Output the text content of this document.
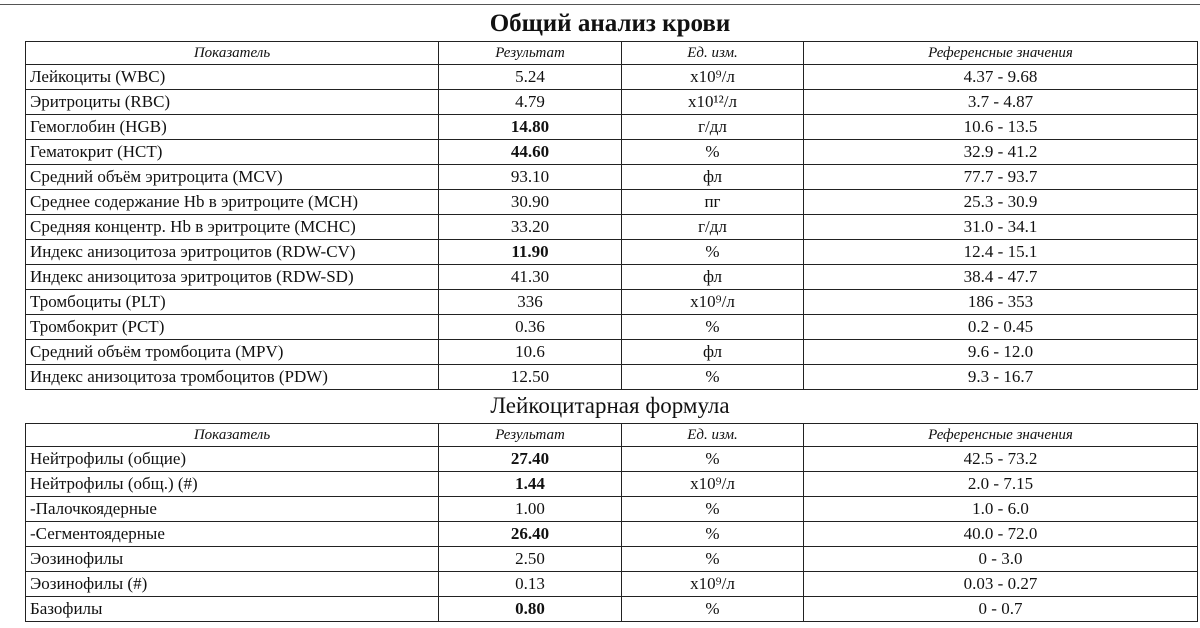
Общий анализ крови
Показатель	Результат	Ед. изм.	Референсные значения
Лейкоциты (WBC)	5.24	x10⁹/л	4.37 - 9.68
Эритроциты (RBC)	4.79	x10¹²/л	3.7 - 4.87
Гемоглобин (HGB)	14.80	г/дл	10.6 - 13.5
Гематокрит (HCT)	44.60	%	32.9 - 41.2
Средний объём эритроцита (MCV)	93.10	фл	77.7 - 93.7
Среднее содержание Hb в эритроците (MCH)	30.90	пг	25.3 - 30.9
Средняя концентр. Hb в эритроците (MCHC)	33.20	г/дл	31.0 - 34.1
Индекс анизоцитоза эритроцитов (RDW-CV)	11.90	%	12.4 - 15.1
Индекс анизоцитоза эритроцитов (RDW-SD)	41.30	фл	38.4 - 47.7
Тромбоциты (PLT)	336	x10⁹/л	186 - 353
Тромбокрит (PCT)	0.36	%	0.2 - 0.45
Средний объём тромбоцита (MPV)	10.6	фл	9.6 - 12.0
Индекс анизоцитоза тромбоцитов (PDW)	12.50	%	9.3 - 16.7
Лейкоцитарная формула
Показатель	Результат	Ед. изм.	Референсные значения
Нейтрофилы (общие)	27.40	%	42.5 - 73.2
Нейтрофилы (общ.) (#)	1.44	x10⁹/л	2.0 - 7.15
-Палочкоядерные	1.00	%	1.0 - 6.0
-Сегментоядерные	26.40	%	40.0 - 72.0
Эозинофилы	2.50	%	0 - 3.0
Эозинофилы (#)	0.13	x10⁹/л	0.03 - 0.27
Базофилы	0.80	%	0 - 0.7
